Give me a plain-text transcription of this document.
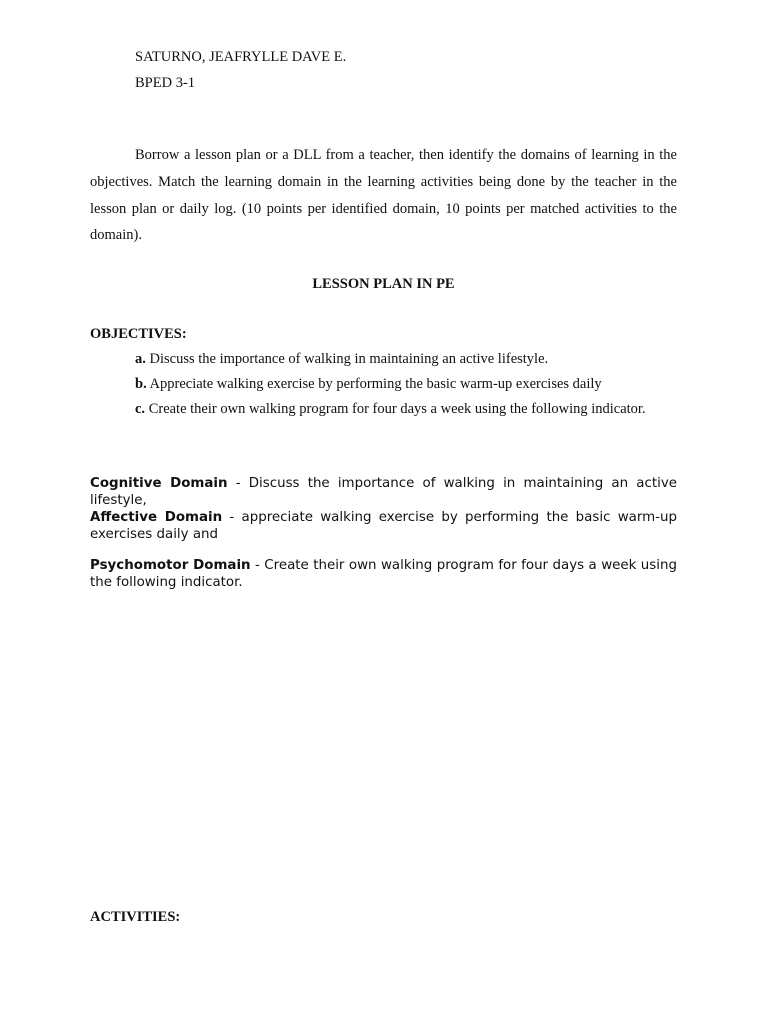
SATURNO, JEAFRYLLE DAVE E.

BPED 3-1

Borrow a lesson plan or a DLL from a teacher, then identify the domains of learning in the objectives. Match the learning domain in the learning activities being done by the teacher in the lesson plan or daily log. (10 points per identified domain, 10 points per matched activities to the domain).

LESSON PLAN IN PE

OBJECTIVES:

a. Discuss the importance of walking in maintaining an active lifestyle.

b. Appreciate walking exercise by performing the basic warm-up exercises daily

c. Create their own walking program for four days a week using the following indicator.

Cognitive Domain - Discuss the importance of walking in maintaining an active lifestyle,

Affective Domain - appreciate walking exercise by performing the basic warm-up exercises daily and

Psychomotor Domain - Create their own walking program for four days a week using the following indicator.

ACTIVITIES:
